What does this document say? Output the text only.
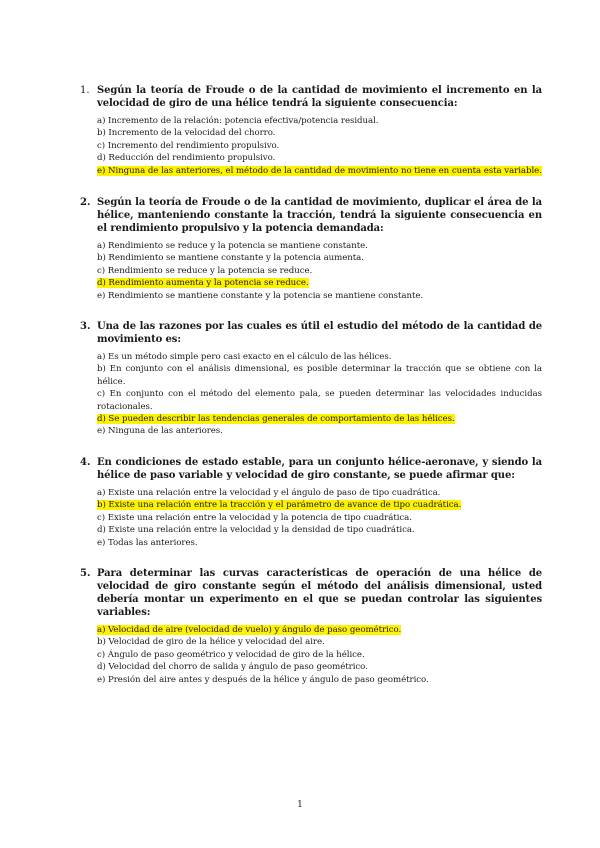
1. Según la teoría de Froude o de la cantidad de movimiento el incremento en la velocidad de giro de una hélice tendrá la siguiente consecuencia:
a) Incremento de la relación: potencia efectiva/potencia residual.
b) Incremento de la velocidad del chorro.
c) Incremento del rendimiento propulsivo.
d) Reducción del rendimiento propulsivo.
e) Ninguna de las anteriores, el método de la cantidad de movimiento no tiene en cuenta esta variable.
2. Según la teoría de Froude o de la cantidad de movimiento, duplicar el área de la hélice, manteniendo constante la tracción, tendrá la siguiente consecuencia en el rendimiento propulsivo y la potencia demandada:
a) Rendimiento se reduce y la potencia se mantiene constante.
b) Rendimiento se mantiene constante y la potencia aumenta.
c) Rendimiento se reduce y la potencia se reduce.
d) Rendimiento aumenta y la potencia se reduce.
e) Rendimiento se mantiene constante y la potencia se mantiene constante.
3. Una de las razones por las cuales es útil el estudio del método de la cantidad de movimiento es:
a) Es un método simple pero casi exacto en el cálculo de las hélices.
b) En conjunto con el análisis dimensional, es posible determinar la tracción que se obtiene con la hélice.
c) En conjunto con el método del elemento pala, se pueden determinar las velocidades inducidas rotacionales.
d) Se pueden describir las tendencias generales de comportamiento de las hélices.
e) Ninguna de las anteriores.
4. En condiciones de estado estable, para un conjunto hélice-aeronave, y siendo la hélice de paso variable y velocidad de giro constante, se puede afirmar que:
a) Existe una relación entre la velocidad y el ángulo de paso de tipo cuadrática.
b) Existe una relación entre la tracción y el parámetro de avance de tipo cuadrática.
c) Existe una relación entre la velocidad y la potencia de tipo cuadrática.
d) Existe una relación entre la velocidad y la densidad de tipo cuadrática.
e) Todas las anteriores.
5. Para determinar las curvas características de operación de una hélice de velocidad de giro constante según el método del análisis dimensional, usted debería montar un experimento en el que se puedan controlar las siguientes variables:
a) Velocidad de aire (velocidad de vuelo) y ángulo de paso geométrico.
b) Velocidad de giro de la hélice y velocidad del aire.
c) Ángulo de paso geométrico y velocidad de giro de la hélice.
d) Velocidad del chorro de salida y ángulo de paso geométrico.
e) Presión del aire antes y después de la hélice y ángulo de paso geométrico.
1
